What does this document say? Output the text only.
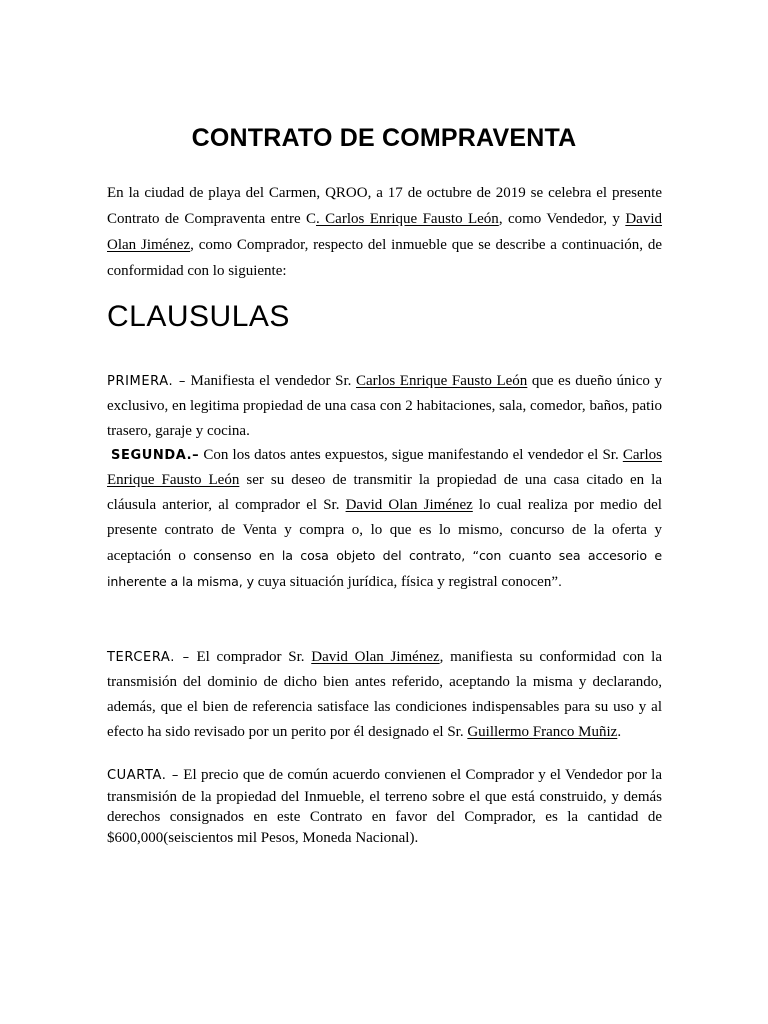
CONTRATO DE COMPRAVENTA
En la ciudad de playa del Carmen, QROO, a 17 de octubre de 2019 se celebra el presente Contrato de Compraventa entre C. Carlos Enrique Fausto León, como Vendedor, y David Olan Jiménez, como Comprador, respecto del inmueble que se describe a continuación, de conformidad con lo siguiente:
CLAUSULAS
PRIMERA. – Manifiesta el vendedor Sr. Carlos Enrique Fausto León que es dueño único y exclusivo, en legitima propiedad de una casa con 2 habitaciones, sala, comedor, baños, patio trasero, garaje y cocina.
SEGUNDA.– Con los datos antes expuestos, sigue manifestando el vendedor el Sr. Carlos Enrique Fausto León ser su deseo de transmitir la propiedad de una casa citado en la cláusula anterior, al comprador el Sr. David Olan Jiménez lo cual realiza por medio del presente contrato de Venta y compra o, lo que es lo mismo, concurso de la oferta y aceptación o consenso en la cosa objeto del contrato, “con cuanto sea accesorio e inherente a la misma, y cuya situación jurídica, física y registral conocen”.
TERCERA. – El comprador Sr. David Olan Jiménez, manifiesta su conformidad con la transmisión del dominio de dicho bien antes referido, aceptando la misma y declarando, además, que el bien de referencia satisface las condiciones indispensables para su uso y al efecto ha sido revisado por un perito por él designado el Sr. Guillermo Franco Muñiz.
CUARTA. – El precio que de común acuerdo convienen el Comprador y el Vendedor por la transmisión de la propiedad del Inmueble, el terreno sobre el que está construido, y demás derechos consignados en este Contrato en favor del Comprador, es la cantidad de $600,000(seiscientos mil Pesos, Moneda Nacional).
